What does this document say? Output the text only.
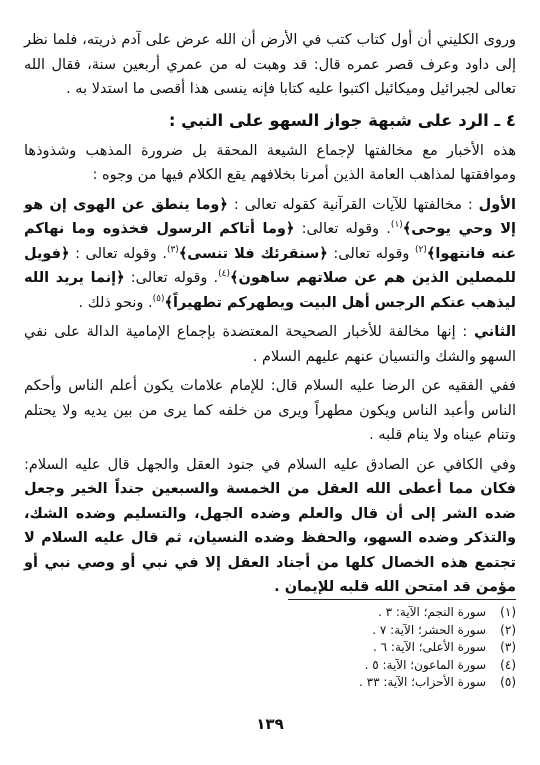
وروى الكليني أن أول كتاب كتب في الأرض أن الله عرض على آدم ذريته، فلما نظر إلى داود وعرف قصر عمره قال: قد وهبت له من عمري أربعين سنة، فقال الله تعالى لجبرائيل وميكائيل اكتبوا عليه كتابا فإنه ينسى هذا أقصى ما استدلا به .

٤ ـ الرد على شبهة جواز السهو على النبي :

هذه الأخبار مع مخالفتها لإجماع الشيعة المحقة بل ضرورة المذهب وشذوذها وموافقتها لمذاهب العامة الذين أمرنا بخلافهم يقع الكلام فيها من وجوه :

الأول : مخالفتها للآيات القرآنية كقوله تعالى : ﴿وما ينطق عن الهوى إن هو إلا وحي يوحى﴾$^{(١)}$. وقوله تعالى: ﴿وما أتاكم الرسول فخذوه وما نهاكم عنه فانتهوا﴾$^{(٢)}$ وقوله تعالى: ﴿سنقرئك فلا تنسى﴾$^{(٣)}$. وقوله تعالى : ﴿فويل للمصلين الذين هم عن صلاتهم ساهون﴾$^{(٤)}$. وقوله تعالى: ﴿إنما يريد الله ليذهب عنكم الرجس أهل البيت ويطهركم تطهيراً﴾$^{(٥)}$. ونحو ذلك .

الثاني : إنها مخالفة للأخبار الصحيحة المعتضدة بإجماع الإمامية الدالة على نفي السهو والشك والنسيان عنهم عليهم السلام .

ففي الفقيه عن الرضا عليه السلام قال: للإمام علامات يكون أعلم الناس وأحكم الناس وأعبد الناس ويكون مطهراً ويرى من خلفه كما يرى من بين يديه ولا يحتلم وتنام عيناه ولا ينام قلبه .

وفي الكافي عن الصادق عليه السلام في جنود العقل والجهل قال عليه السلام: فكان مما أعطى الله العقل من الخمسة والسبعين جنداً الخير وجعل ضده الشر إلى أن قال والعلم وضده الجهل، والتسليم وضده الشك، والتذكر وضده السهو، والحفظ وضده النسيان، ثم قال عليه السلام لا تجتمع هذه الخصال كلها من أجناد العقل إلا في نبي أو وصي نبي أو مؤمن قد امتحن الله قلبه للإيمان .

(١)سورة النجم؛ الآية: ٣ .
(٢)سورة الحشر؛ الآية: ٧ .
(٣)سورة الأعلى؛ الآية: ٦ .
(٤)سورة الماعون؛ الآية: ٥ .
(٥)سورة الأحزاب؛ الآية: ٣٣ .
١٣٩
